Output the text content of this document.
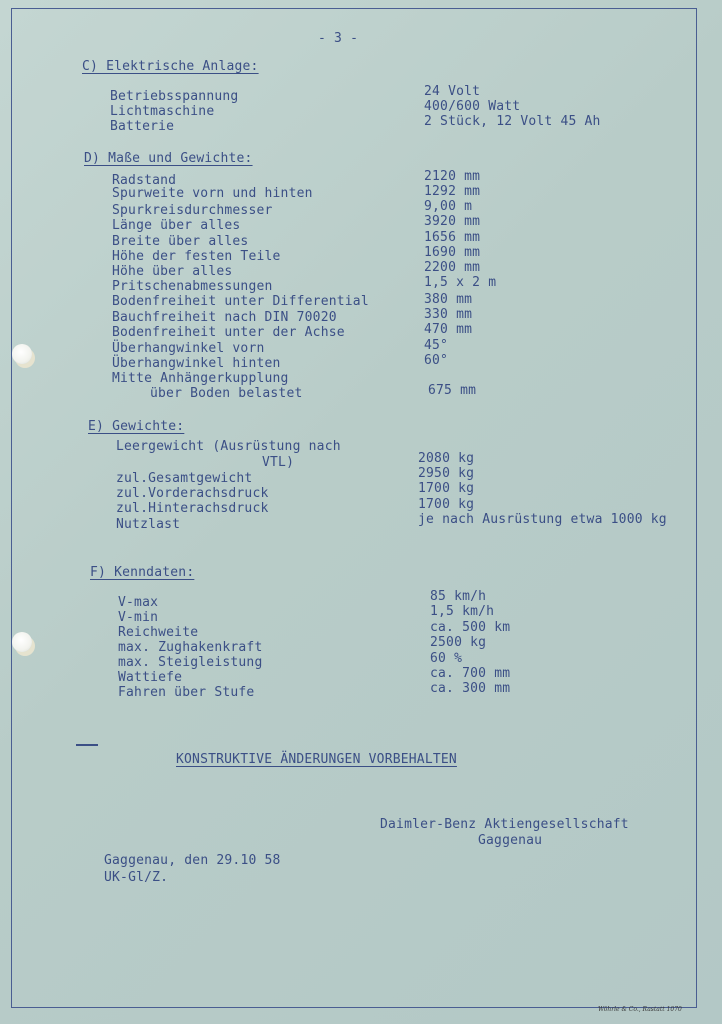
- 3 -
C) Elektrische Anlage:
Betriebsspannung	24 Volt
Lichtmaschine	400/600 Watt
Batterie	2 Stück, 12 Volt 45 Ah
D) Maße und Gewichte:
Radstand	2120 mm
Spurweite vorn und hinten	1292 mm
Spurkreisdurchmesser	9,00 m
Länge über alles	3920 mm
Breite über alles	1656 mm
Höhe der festen Teile	1690 mm
Höhe über alles	2200 mm
Pritschenabmessungen	1,5 x 2 m
Bodenfreiheit unter Differential	380 mm
Bauchfreiheit nach DIN 70020	330 mm
Bodenfreiheit unter der Achse	470 mm
Überhangwinkel vorn	45°
Überhangwinkel hinten	60°
Mitte Anhängerkupplung
über Boden belastet	675 mm
E) Gewichte:
Leergewicht (Ausrüstung nach
VTL)	2080 kg
zul.Gesamtgewicht	2950 kg
zul.Vorderachsdruck	1700 kg
zul.Hinterachsdruck	1700 kg
Nutzlast	je nach Ausrüstung etwa 1000 kg
F) Kenndaten:
V-max	85 km/h
V-min	1,5 km/h
Reichweite	ca. 500 km
max. Zughakenkraft	2500 kg
max. Steigleistung	60 %
Wattiefe	ca. 700 mm
Fahren über Stufe	ca. 300 mm
KONSTRUKTIVE ÄNDERUNGEN VORBEHALTEN
Daimler-Benz Aktiengesellschaft
Gaggenau
Gaggenau, den 29.10 58
UK-Gl/Z.
Wöhrle & Co., Rastatt 1070
